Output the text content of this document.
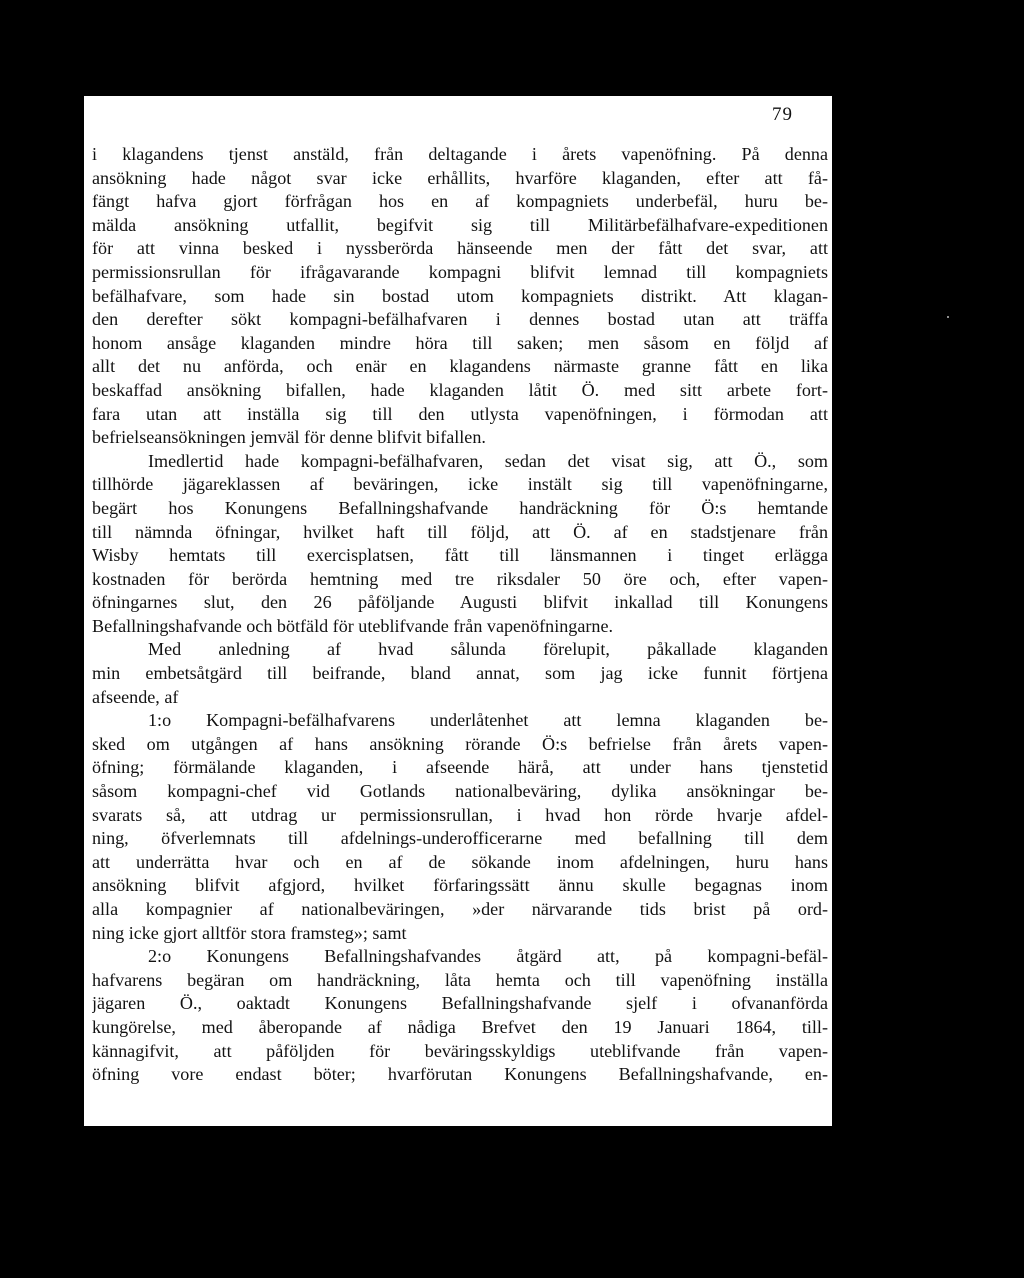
79
i klagandens tjenst anstäld, från deltagande i årets vapenöfning. På denna
ansökning hade något svar icke erhållits, hvarföre klaganden, efter att få-
fängt hafva gjort förfrågan hos en af kompagniets underbefäl, huru be-
mälda ansökning utfallit, begifvit sig till Militärbefälhafvare-expeditionen
för att vinna besked i nyssberörda hänseende men der fått det svar, att
permissionsrullan för ifrågavarande kompagni blifvit lemnad till kompagniets
befälhafvare, som hade sin bostad utom kompagniets distrikt. Att klagan-
den derefter sökt kompagni-befälhafvaren i dennes bostad utan att träffa
honom ansåge klaganden mindre höra till saken; men såsom en följd af
allt det nu anförda, och enär en klagandens närmaste granne fått en lika
beskaffad ansökning bifallen, hade klaganden låtit Ö. med sitt arbete fort-
fara utan att inställa sig till den utlysta vapenöfningen, i förmodan att
befrielseansökningen jemväl för denne blifvit bifallen.
Imedlertid hade kompagni-befälhafvaren, sedan det visat sig, att Ö., som
tillhörde jägareklassen af beväringen, icke instält sig till vapenöfningarne,
begärt hos Konungens Befallningshafvande handräckning för Ö:s hemtande
till nämnda öfningar, hvilket haft till följd, att Ö. af en stadstjenare från
Wisby hemtats till exercisplatsen, fått till länsmannen i tinget erlägga
kostnaden för berörda hemtning med tre riksdaler 50 öre och, efter vapen-
öfningarnes slut, den 26 påföljande Augusti blifvit inkallad till Konungens
Befallningshafvande och bötfäld för uteblifvande från vapenöfningarne.
Med anledning af hvad sålunda förelupit, påkallade klaganden
min embetsåtgärd till beifrande, bland annat, som jag icke funnit förtjena
afseende, af
1:o Kompagni-befälhafvarens underlåtenhet att lemna klaganden be-
sked om utgången af hans ansökning rörande Ö:s befrielse från årets vapen-
öfning; förmälande klaganden, i afseende härå, att under hans tjenstetid
såsom kompagni-chef vid Gotlands nationalbeväring, dylika ansökningar be-
svarats så, att utdrag ur permissionsrullan, i hvad hon rörde hvarje afdel-
ning, öfverlemnats till afdelnings-underofficerarne med befallning till dem
att underrätta hvar och en af de sökande inom afdelningen, huru hans
ansökning blifvit afgjord, hvilket förfaringssätt ännu skulle begagnas inom
alla kompagnier af nationalbeväringen, »der närvarande tids brist på ord-
ning icke gjort alltför stora framsteg»; samt
2:o Konungens Befallningshafvandes åtgärd att, på kompagni-befäl-
hafvarens begäran om handräckning, låta hemta och till vapenöfning inställa
jägaren Ö., oaktadt Konungens Befallningshafvande sjelf i ofvananförda
kungörelse, med åberopande af nådiga Brefvet den 19 Januari 1864, till-
kännagifvit, att påföljden för beväringsskyldigs uteblifvande från vapen-
öfning vore endast böter; hvarförutan Konungens Befallningshafvande, en-
